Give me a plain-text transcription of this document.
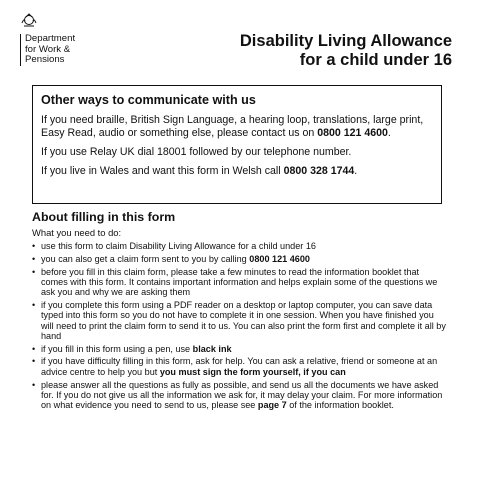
Department
for Work &
Pensions
Disability Living Allowance
for a child under 16
Other ways to communicate with us

If you need braille, British Sign Language, a hearing loop, translations, large print, Easy Read, audio or something else, please contact us on 0800 121 4600.

If you use Relay UK dial 18001 followed by our telephone number.

If you live in Wales and want this form in Welsh call 0800 328 1744.

About filling in this form

What you need to do:

• use this form to claim Disability Living Allowance for a child under 16
• you can also get a claim form sent to you by calling 0800 121 4600
• before you fill in this claim form, please take a few minutes to read the information booklet that comes with this form. It contains important information and helps explain some of the questions we ask you and why we are asking them
• if you complete this form using a PDF reader on a desktop or laptop computer, you can save data typed into this form so you do not have to complete it in one session. When you have finished you will need to print the claim form to send it to us. You can also print the form first and complete it all by hand
• if you fill in this form using a pen, use black ink
• if you have difficulty filling in this form, ask for help. You can ask a relative, friend or someone at an advice centre to help you but you must sign the form yourself, if you can
• please answer all the questions as fully as possible, and send us all the documents we have asked for. If you do not give us all the information we ask for, it may delay your claim. For more information on what evidence you need to send to us, please see page 7 of the information booklet.
